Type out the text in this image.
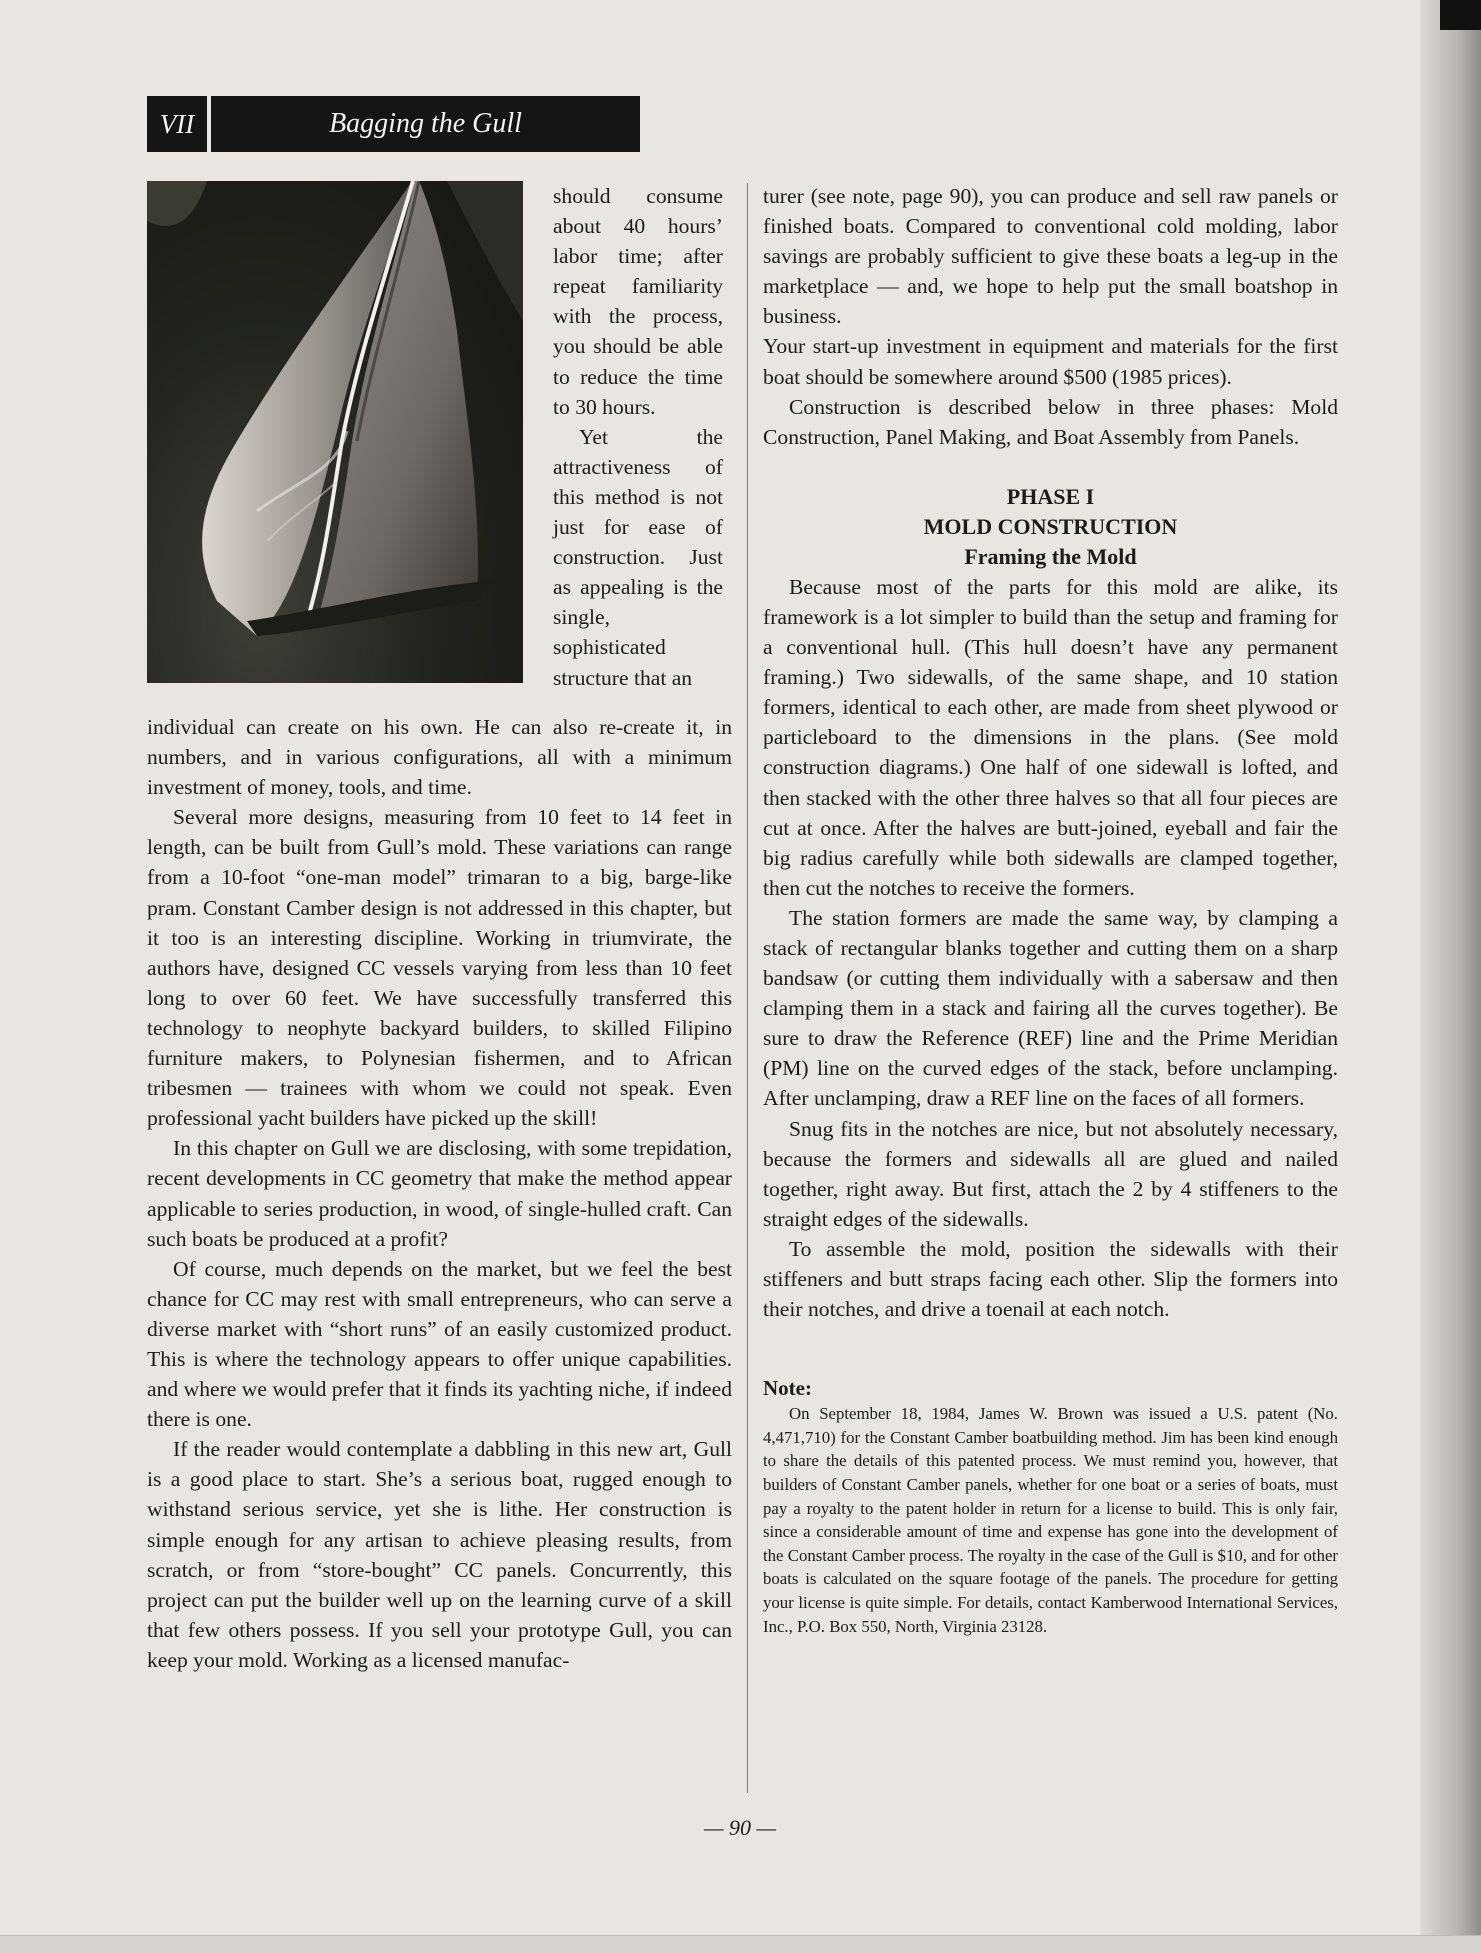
VII	Bagging the Gull

should consume about 40 hours’ labor time; after repeat familiarity with the process, you should be able to reduce the time to 30 hours.

Yet the attractiveness of this method is not just for ease of construction. Just as appealing is the single, sophisticated structure that an

individual can create on his own. He can also re-create it, in numbers, and in various configurations, all with a minimum investment of money, tools, and time.

Several more designs, measuring from 10 feet to 14 feet in length, can be built from Gull’s mold. These variations can range from a 10-foot “one-man model” trimaran to a big, barge-like pram. Constant Camber design is not addressed in this chapter, but it too is an interesting discipline. Working in triumvirate, the authors have, designed CC vessels varying from less than 10 feet long to over 60 feet. We have successfully transferred this technology to neophyte backyard builders, to skilled Filipino furniture makers, to Polynesian fishermen, and to African tribesmen — trainees with whom we could not speak. Even professional yacht builders have picked up the skill!

In this chapter on Gull we are disclosing, with some trepidation, recent developments in CC geometry that make the method appear applicable to series production, in wood, of single-hulled craft. Can such boats be produced at a profit?

Of course, much depends on the market, but we feel the best chance for CC may rest with small entrepreneurs, who can serve a diverse market with “short runs” of an easily customized product. This is where the technology appears to offer unique capabilities. and where we would prefer that it finds its yachting niche, if indeed there is one.

If the reader would contemplate a dabbling in this new art, Gull is a good place to start. She’s a serious boat, rugged enough to withstand serious service, yet she is lithe. Her construction is simple enough for any artisan to achieve pleasing results, from scratch, or from “store-bought” CC panels. Concurrently, this project can put the builder well up on the learning curve of a skill that few others possess. If you sell your prototype Gull, you can keep your mold. Working as a licensed manufac-

turer (see note, page 90), you can produce and sell raw panels or finished boats. Compared to conventional cold molding, labor savings are probably sufficient to give these boats a leg-up in the marketplace — and, we hope to help put the small boatshop in business.

Your start-up investment in equipment and materials for the first boat should be somewhere around $500 (1985 prices).

Construction is described below in three phases: Mold Construction, Panel Making, and Boat Assembly from Panels.

PHASE I
MOLD CONSTRUCTION
Framing the Mold

Because most of the parts for this mold are alike, its framework is a lot simpler to build than the setup and framing for a conventional hull. (This hull doesn’t have any permanent framing.) Two sidewalls, of the same shape, and 10 station formers, identical to each other, are made from sheet plywood or particleboard to the dimensions in the plans. (See mold construction diagrams.) One half of one sidewall is lofted, and then stacked with the other three halves so that all four pieces are cut at once. After the halves are butt-joined, eyeball and fair the big radius carefully while both sidewalls are clamped together, then cut the notches to receive the formers.

The station formers are made the same way, by clamping a stack of rectangular blanks together and cutting them on a sharp bandsaw (or cutting them individually with a sabersaw and then clamping them in a stack and fairing all the curves together). Be sure to draw the Reference (REF) line and the Prime Meridian (PM) line on the curved edges of the stack, before unclamping. After unclamping, draw a REF line on the faces of all formers.

Snug fits in the notches are nice, but not absolutely necessary, because the formers and sidewalls all are glued and nailed together, right away. But first, attach the 2 by 4 stiffeners to the straight edges of the sidewalls.

To assemble the mold, position the sidewalls with their stiffeners and butt straps facing each other. Slip the formers into their notches, and drive a toenail at each notch.

Note:

On September 18, 1984, James W. Brown was issued a U.S. patent (No. 4,471,710) for the Constant Camber boatbuilding method. Jim has been kind enough to share the details of this patented process. We must remind you, however, that builders of Constant Camber panels, whether for one boat or a series of boats, must pay a royalty to the patent holder in return for a license to build. This is only fair, since a considerable amount of time and expense has gone into the development of the Constant Camber process. The royalty in the case of the Gull is $10, and for other boats is calculated on the square footage of the panels. The procedure for getting your license is quite simple. For details, contact Kamberwood International Services, Inc., P.O. Box 550, North, Virginia 23128.

— 90 —
